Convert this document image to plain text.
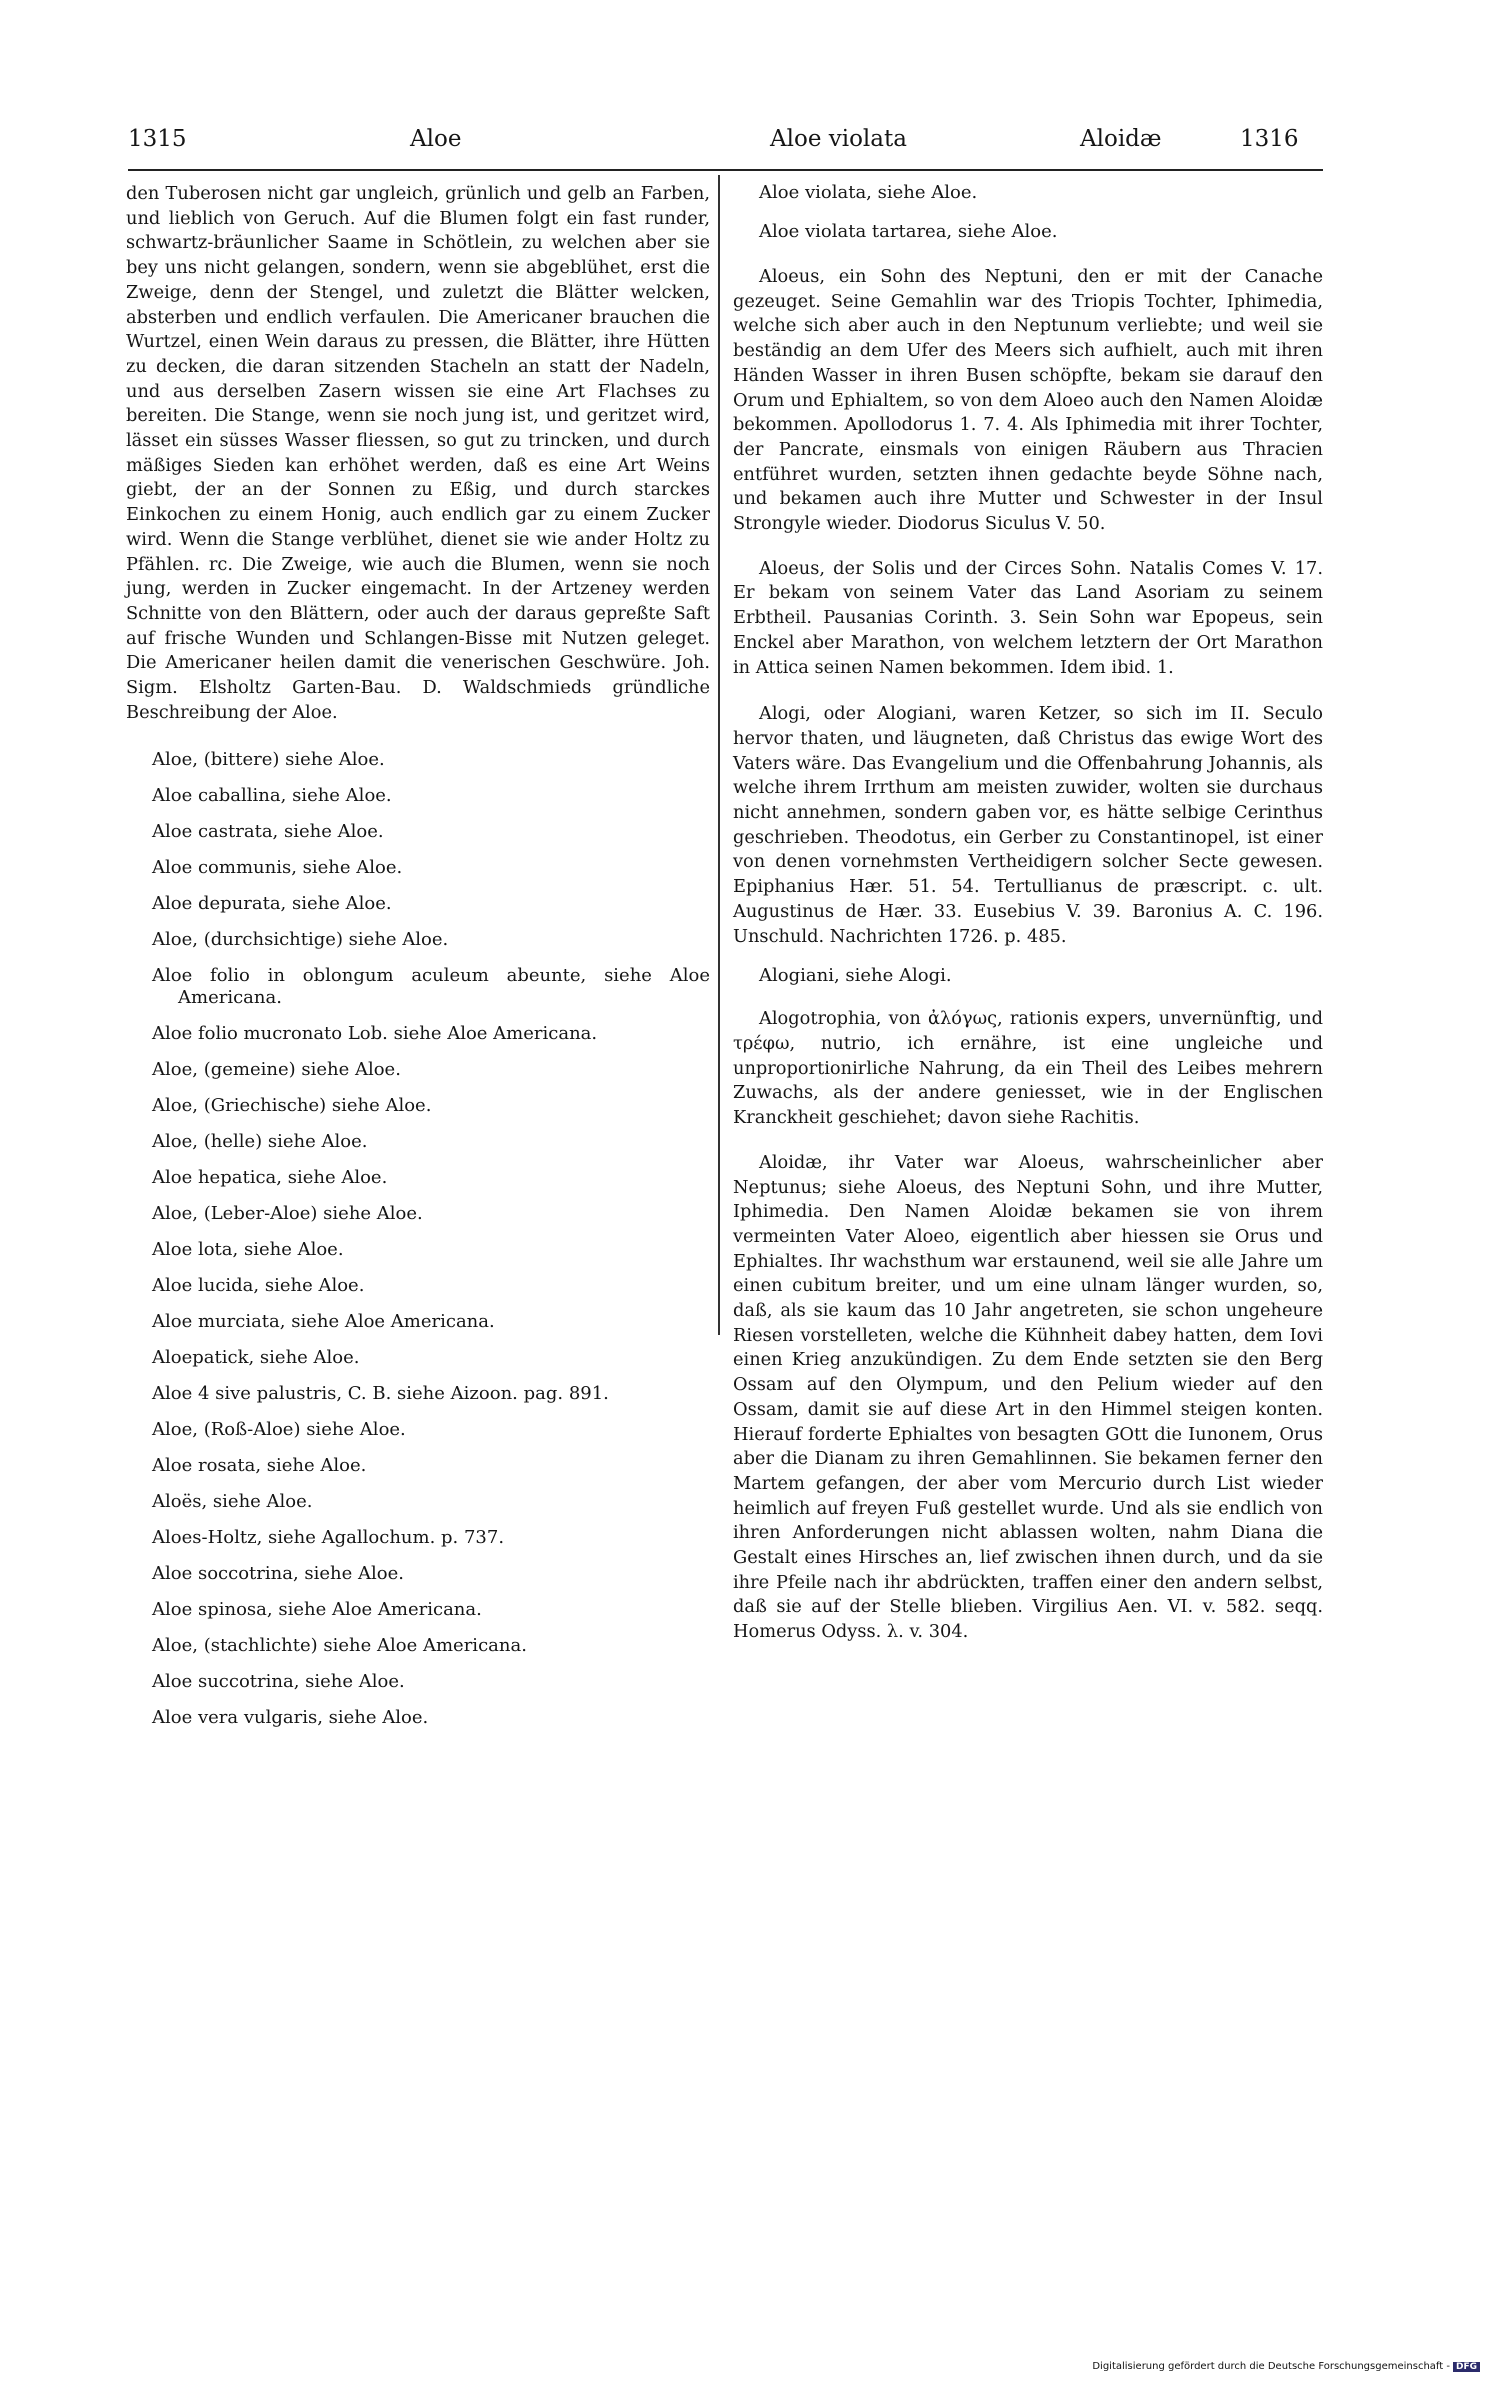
1315	Aloe	Aloe violata	Aloidæ	1316

den Tuberosen nicht gar ungleich, grünlich und gelb an Farben, und lieblich von Geruch. Auf die Blumen folgt ein fast runder, schwartz-bräunlicher Saame in Schötlein, zu welchen aber sie bey uns nicht gelangen, sondern, wenn sie abgeblühet, erst die Zweige, denn der Stengel, und zuletzt die Blätter welcken, absterben und endlich verfaulen. Die Americaner brauchen die Wurtzel, einen Wein daraus zu pressen, die Blätter, ihre Hütten zu decken, die daran sitzenden Stacheln an statt der Nadeln, und aus derselben Zasern wissen sie eine Art Flachses zu bereiten. Die Stange, wenn sie noch jung ist, und geritzet wird, lässet ein süsses Wasser fliessen, so gut zu trincken, und durch mäßiges Sieden kan erhöhet werden, daß es eine Art Weins giebt, der an der Sonnen zu Eßig, und durch starckes Einkochen zu einem Honig, auch endlich gar zu einem Zucker wird. Wenn die Stange verblühet, dienet sie wie ander Holtz zu Pfählen. rc. Die Zweige, wie auch die Blumen, wenn sie noch jung, werden in Zucker eingemacht. In der Artzeney werden Schnitte von den Blättern, oder auch der daraus gepreßte Saft auf frische Wunden und Schlangen-Bisse mit Nutzen geleget. Die Americaner heilen damit die venerischen Geschwüre. Joh. Sigm. Elsholtz Garten-Bau. D. Waldschmieds gründliche Beschreibung der Aloe.

Aloe, (bittere) siehe Aloe.

Aloe caballina, siehe Aloe.

Aloe castrata, siehe Aloe.

Aloe communis, siehe Aloe.

Aloe depurata, siehe Aloe.

Aloe, (durchsichtige) siehe Aloe.

Aloe folio in oblongum aculeum abeunte, siehe Aloe Americana.

Aloe folio mucronato Lob. siehe Aloe Americana.

Aloe, (gemeine) siehe Aloe.

Aloe, (Griechische) siehe Aloe.

Aloe, (helle) siehe Aloe.

Aloe hepatica, siehe Aloe.

Aloe, (Leber-Aloe) siehe Aloe.

Aloe lota, siehe Aloe.

Aloe lucida, siehe Aloe.

Aloe murciata, siehe Aloe Americana.

Aloepatick, siehe Aloe.

Aloe 4 sive palustris, C. B. siehe Aizoon. pag. 891.

Aloe, (Roß-Aloe) siehe Aloe.

Aloe rosata, siehe Aloe.

Aloës, siehe Aloe.

Aloes-Holtz, siehe Agallochum. p. 737.

Aloe soccotrina, siehe Aloe.

Aloe spinosa, siehe Aloe Americana.

Aloe, (stachlichte) siehe Aloe Americana.

Aloe succotrina, siehe Aloe.

Aloe vera vulgaris, siehe Aloe.

Aloe violata, siehe Aloe.

Aloe violata tartarea, siehe Aloe.

Aloeus, ein Sohn des Neptuni, den er mit der Canache gezeuget. Seine Gemahlin war des Triopis Tochter, Iphimedia, welche sich aber auch in den Neptunum verliebte; und weil sie beständig an dem Ufer des Meers sich aufhielt, auch mit ihren Händen Wasser in ihren Busen schöpfte, bekam sie darauf den Orum und Ephialtem, so von dem Aloeo auch den Namen Aloidæ bekommen. Apollodorus 1. 7. 4. Als Iphimedia mit ihrer Tochter, der Pancrate, einsmals von einigen Räubern aus Thracien entführet wurden, setzten ihnen gedachte beyde Söhne nach, und bekamen auch ihre Mutter und Schwester in der Insul Strongyle wieder. Diodorus Siculus V. 50.

Aloeus, der Solis und der Circes Sohn. Natalis Comes V. 17. Er bekam von seinem Vater das Land Asoriam zu seinem Erbtheil. Pausanias Corinth. 3. Sein Sohn war Epopeus, sein Enckel aber Marathon, von welchem letztern der Ort Marathon in Attica seinen Namen bekommen. Idem ibid. 1.

Alogi, oder Alogiani, waren Ketzer, so sich im II. Seculo hervor thaten, und läugneten, daß Christus das ewige Wort des Vaters wäre. Das Evangelium und die Offenbahrung Johannis, als welche ihrem Irrthum am meisten zuwider, wolten sie durchaus nicht annehmen, sondern gaben vor, es hätte selbige Cerinthus geschrieben. Theodotus, ein Gerber zu Constantinopel, ist einer von denen vornehmsten Vertheidigern solcher Secte gewesen. Epiphanius Hær. 51. 54. Tertullianus de præscript. c. ult. Augustinus de Hær. 33. Eusebius V. 39. Baronius A. C. 196. Unschuld. Nachrichten 1726. p. 485.

Alogiani, siehe Alogi.

Alogotrophia, von ἀλόγως, rationis expers, unvernünftig, und τρέφω, nutrio, ich ernähre, ist eine ungleiche und unproportionirliche Nahrung, da ein Theil des Leibes mehrern Zuwachs, als der andere geniesset, wie in der Englischen Kranckheit geschiehet; davon siehe Rachitis.

Aloidæ, ihr Vater war Aloeus, wahrscheinlicher aber Neptunus; siehe Aloeus, des Neptuni Sohn, und ihre Mutter, Iphimedia. Den Namen Aloidæ bekamen sie von ihrem vermeinten Vater Aloeo, eigentlich aber hiessen sie Orus und Ephialtes. Ihr wachsthum war erstaunend, weil sie alle Jahre um einen cubitum breiter, und um eine ulnam länger wurden, so, daß, als sie kaum das 10 Jahr angetreten, sie schon ungeheure Riesen vorstelleten, welche die Kühnheit dabey hatten, dem Iovi einen Krieg anzukündigen. Zu dem Ende setzten sie den Berg Ossam auf den Olympum, und den Pelium wieder auf den Ossam, damit sie auf diese Art in den Himmel steigen konten. Hierauf forderte Ephialtes von besagten GOtt die Iunonem, Orus aber die Dianam zu ihren Gemahlinnen. Sie bekamen ferner den Martem gefangen, der aber vom Mercurio durch List wieder heimlich auf freyen Fuß gestellet wurde. Und als sie endlich von ihren Anforderungen nicht ablassen wolten, nahm Diana die Gestalt eines Hirsches an, lief zwischen ihnen durch, und da sie ihre Pfeile nach ihr abdrückten, traffen einer den andern selbst, daß sie auf der Stelle blieben. Virgilius Aen. VI. v. 582. seqq. Homerus Odyss. λ. v. 304.

Digitalisierung gefördert durch die Deutsche Forschungsgemeinschaft - DFG
